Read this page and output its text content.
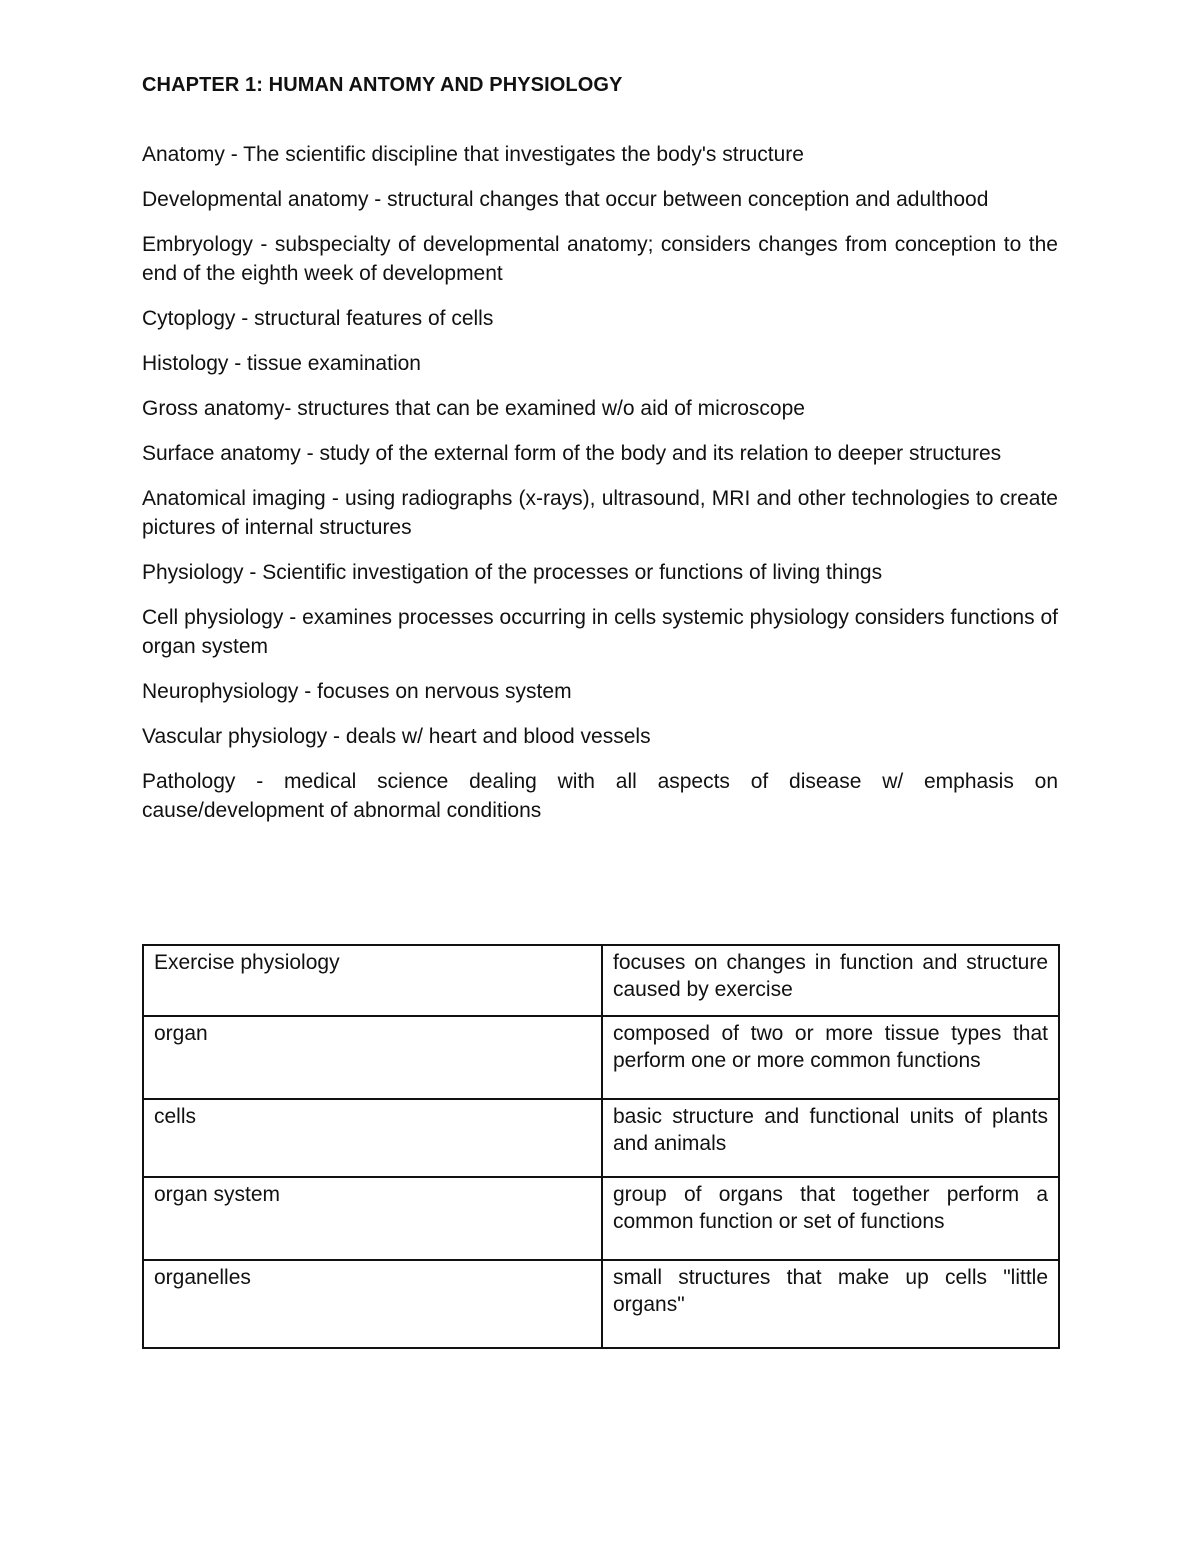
CHAPTER 1: HUMAN ANTOMY AND PHYSIOLOGY

Anatomy - The scientific discipline that investigates the body's structure

Developmental anatomy - structural changes that occur between conception and adulthood

Embryology - subspecialty of developmental anatomy; considers changes from conception to the end of the eighth week of development

Cytoplogy - structural features of cells

Histology - tissue examination

Gross anatomy- structures that can be examined w/o aid of microscope

Surface anatomy - study of the external form of the body and its relation to deeper structures

Anatomical imaging - using radiographs (x-rays), ultrasound, MRI and other technologies to create pictures of internal structures

Physiology - Scientific investigation of the processes or functions of living things

Cell physiology - examines processes occurring in cells systemic physiology considers functions of organ system

Neurophysiology - focuses on nervous system

Vascular physiology - deals w/ heart and blood vessels

Pathology - medical science dealing with all aspects of disease w/ emphasis on cause/development of abnormal conditions

Exercise physiology	focuses on changes in function and structure caused by exercise
organ	composed of two or more tissue types that perform one or more common functions
cells	basic structure and functional units of plants and animals
organ system	group of organs that together perform a common function or set of functions
organelles	small structures that make up cells "little organs"
